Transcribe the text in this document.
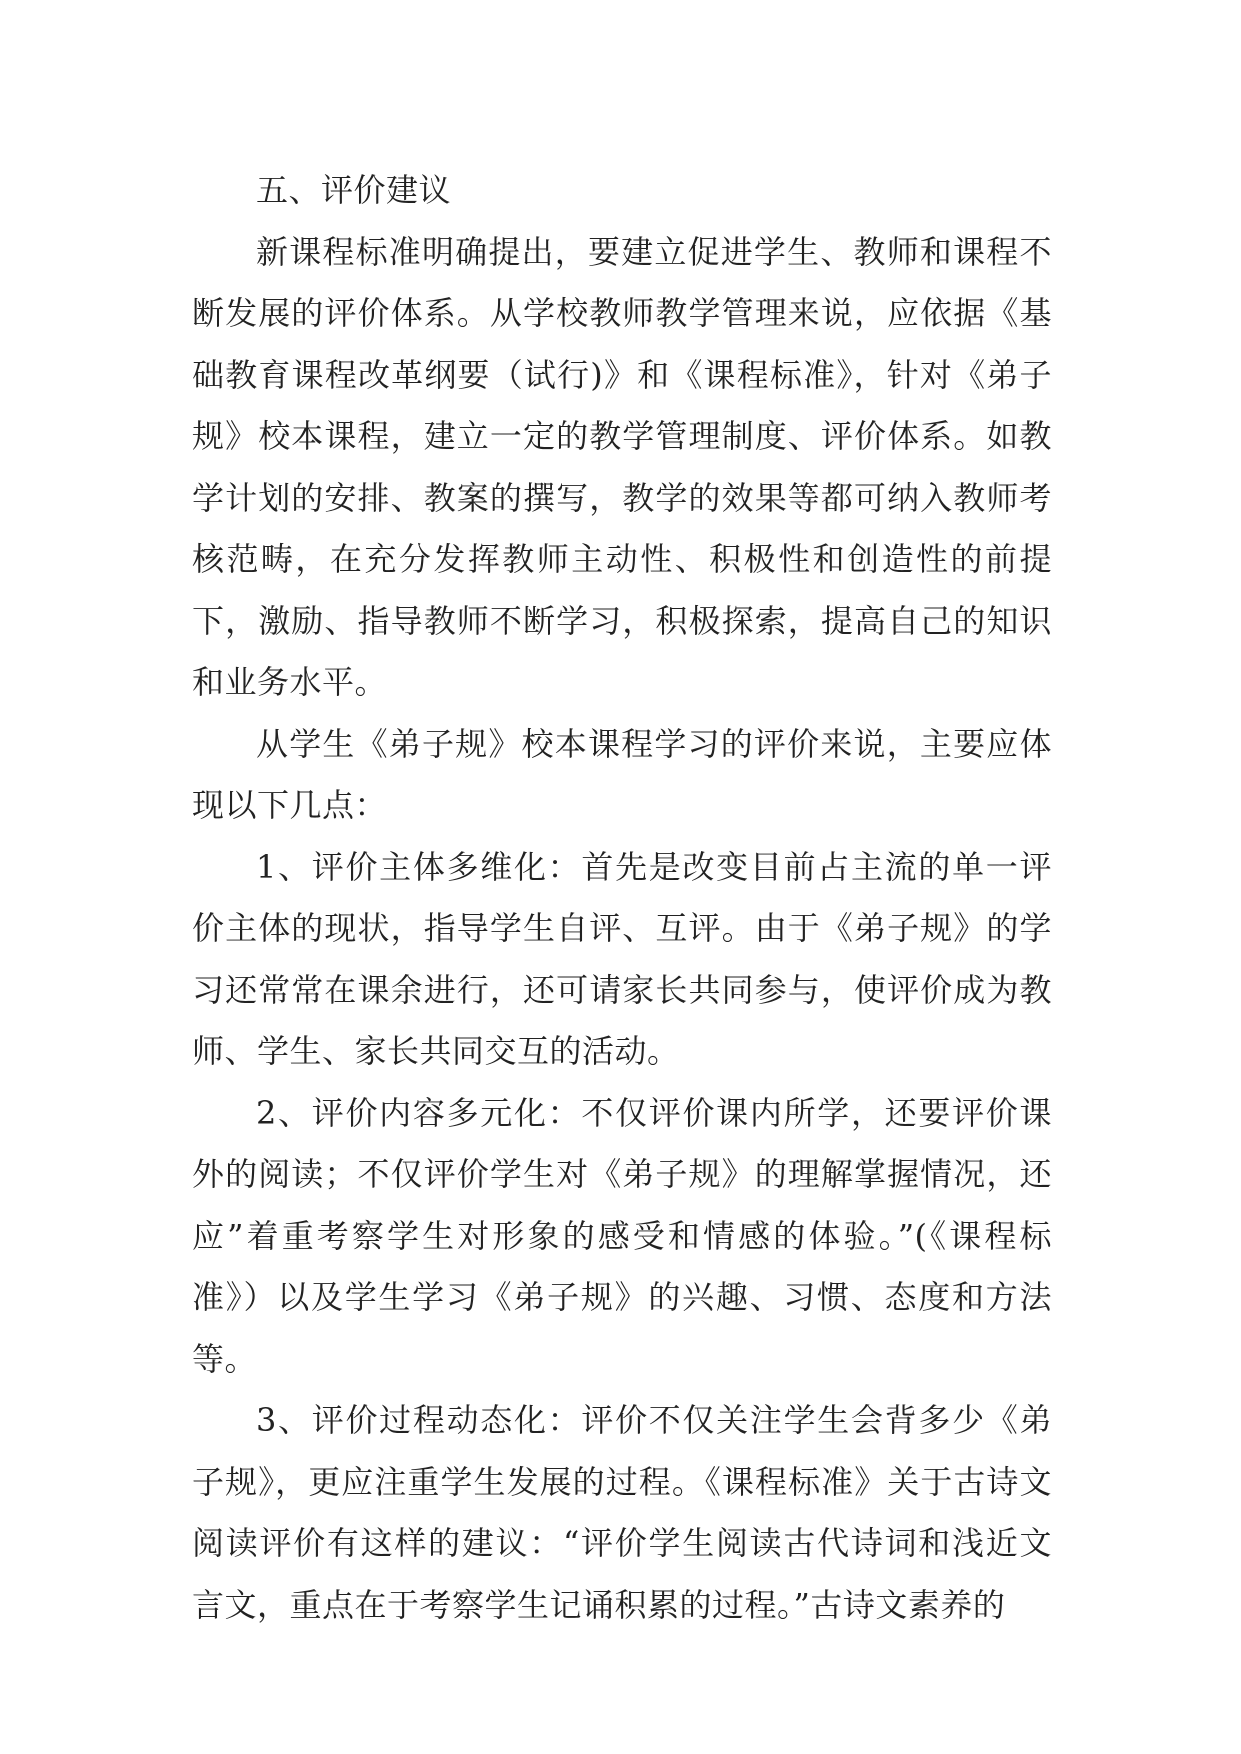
五、评价建议

新课程标准明确提出，要建立促进学生、教师和课程不断发展的评价体系。从学校教师教学管理来说，应依据《基础教育课程改革纲要（试行)》和《课程标准》，针对《弟子规》校本课程，建立一定的教学管理制度、评价体系。如教学计划的安排、教案的撰写，教学的效果等都可纳入教师考核范畴，在充分发挥教师主动性、积极性和创造性的前提下，激励、指导教师不断学习，积极探索，提高自己的知识和业务水平。

从学生《弟子规》校本课程学习的评价来说，主要应体现以下几点：

1、评价主体多维化：首先是改变目前占主流的单一评价主体的现状，指导学生自评、互评。由于《弟子规》的学习还常常在课余进行，还可请家长共同参与，使评价成为教师、学生、家长共同交互的活动。

2、评价内容多元化：不仅评价课内所学，还要评价课外的阅读；不仅评价学生对《弟子规》的理解掌握情况，还应”着重考察学生对形象的感受和情感的体验。”(《课程标准》）以及学生学习《弟子规》的兴趣、习惯、态度和方法等。

3、评价过程动态化：评价不仅关注学生会背多少《弟子规》，更应注重学生发展的过程。《课程标准》关于古诗文阅读评价有这样的建议：“评价学生阅读古代诗词和浅近文言文，重点在于考察学生记诵积累的过程。”古诗文素养的
